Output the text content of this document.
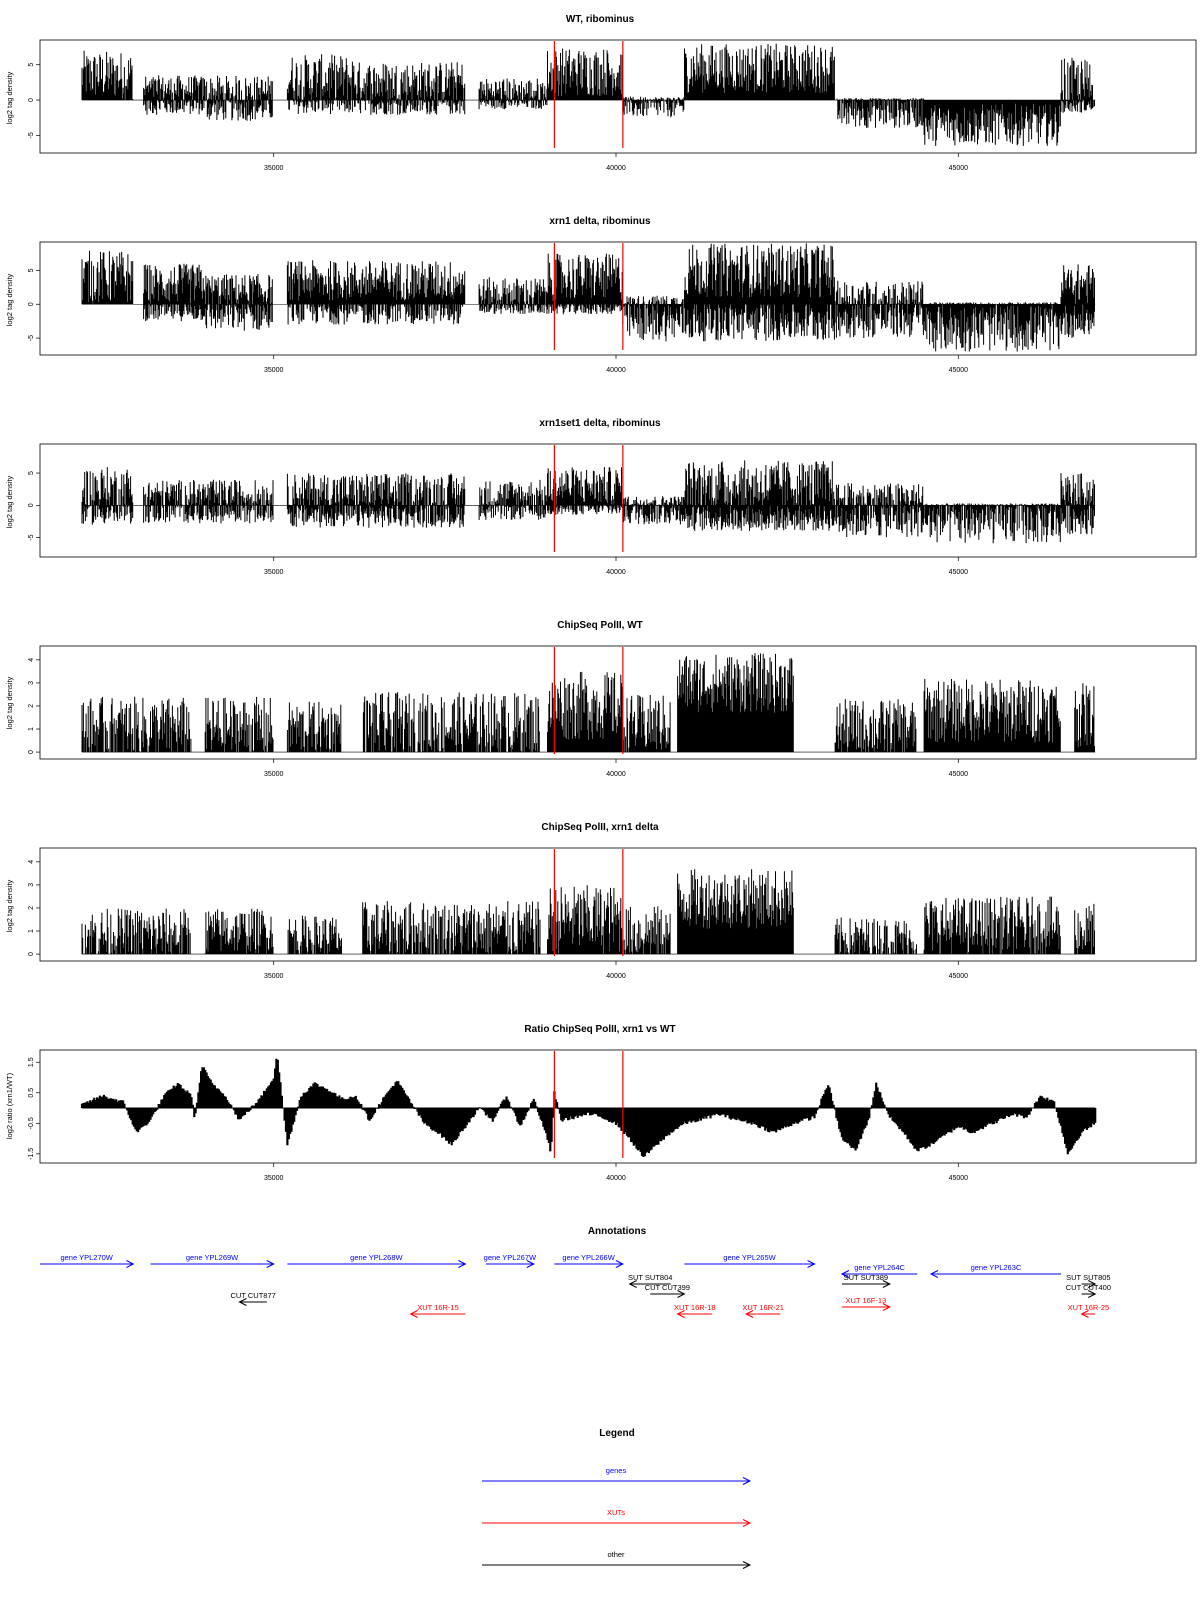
WT, ribominus
log2 tag density
-5
0
5
35000	40000	45000
xrn1 delta, ribominus
log2 tag density
-5
0
5
35000	40000	45000
xrn1set1 delta, ribominus
log2 tag density
-5
0
5
35000	40000	45000
ChipSeq PolII, WT
log2 tag density
0
1
2
3
4
35000	40000	45000
ChipSeq PolII, xrn1 delta
log2 tag density
0
1
2
3
4
35000	40000	45000
Ratio ChipSeq PolII, xrn1 vs WT
log2 ratio (xrn1/WT)
-1.5
-0.5
0.5
1.5
35000	40000	45000
Annotations
gene YPL270W	gene YPL269W	gene YPL268W	gene YPL267W	gene YPL266W	gene YPL265W
gene YPL264C	gene YPL263C
SUT SUT804
CUT CUT399
SUT SUT389	SUT SUT805
CUT CUT400
CUT CUT877
XUT 16R-15	XUT 16R-18	XUT 16R-21
XUT 16F-13
XUT 16R-25
Legend
genes
XUTs
other
